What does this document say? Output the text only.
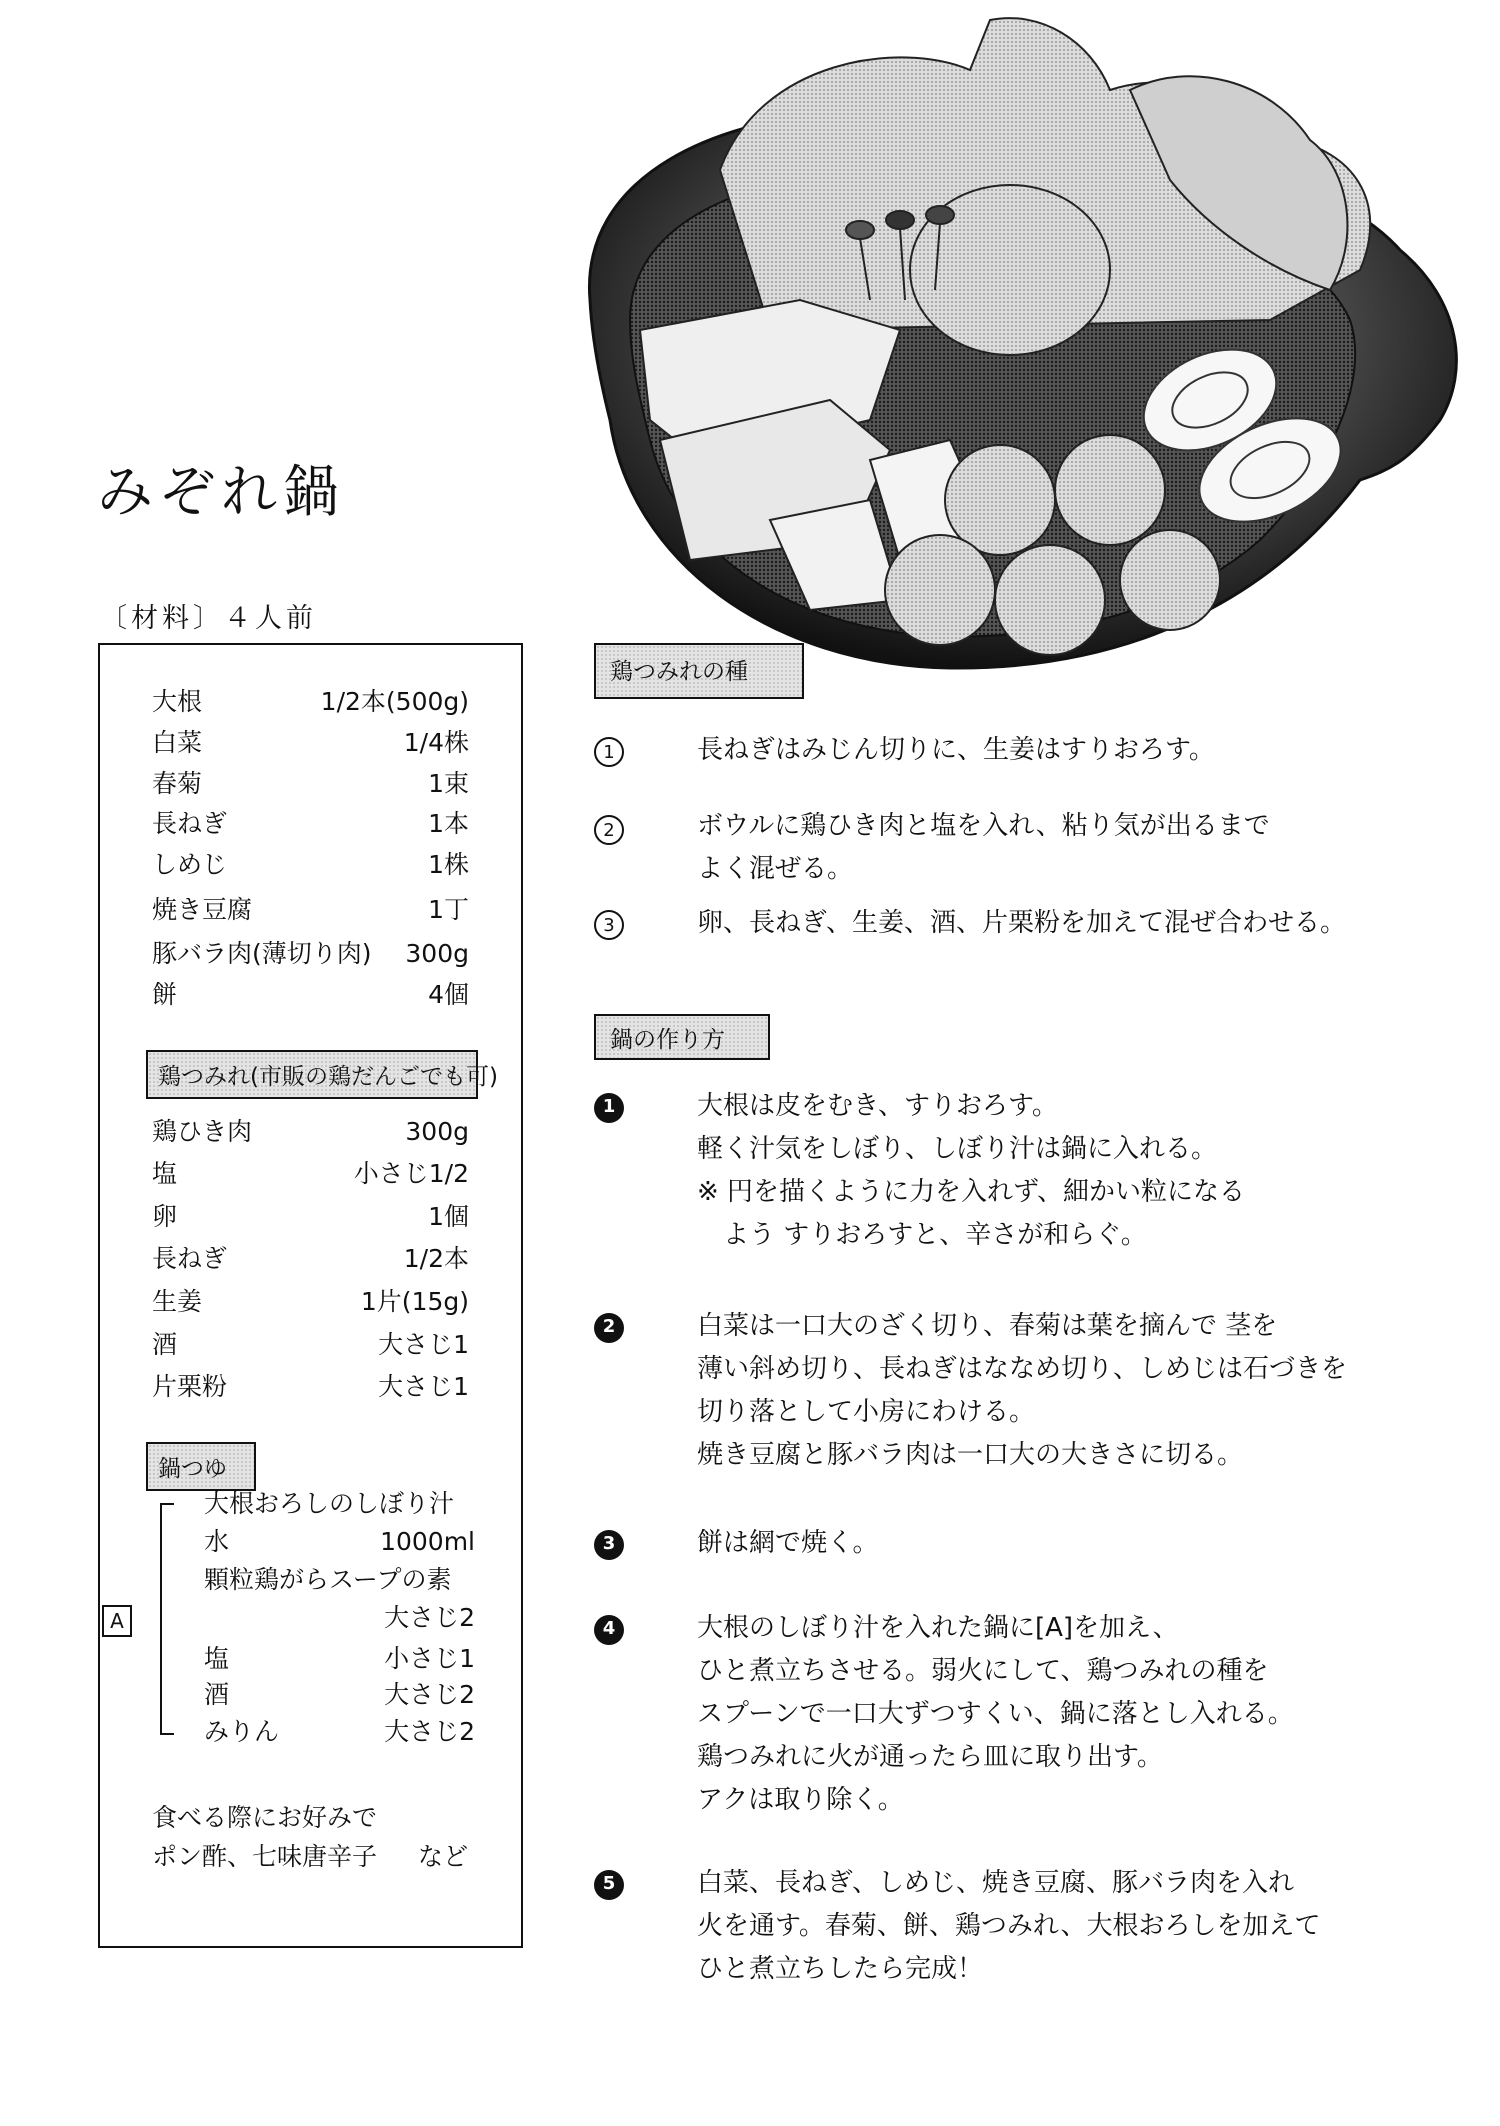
みぞれ鍋
〔材料〕４人前
大根	1/2本(500g)
白菜	1/4株
春菊	1束
長ねぎ	1本
しめじ	1株
焼き豆腐	1丁
豚バラ肉(薄切り肉) 300g
餅	4個
鶏つみれ(市販の鶏だんごでも可)
鶏ひき肉	300g
塩	小さじ1/2
卵	1個
長ねぎ	1/2本
生姜	1片(15g)
酒	大さじ1
片栗粉	大さじ1
鍋つゆ
A
大根おろしのしぼり汁
水	1000ml
顆粒鶏がらスープの素
大さじ2
塩	小さじ1
酒	大さじ2
みりん	大さじ2
食べる際にお好みで
ポン酢、七味唐辛子 など
鶏つみれの種
1	長ねぎはみじん切りに、生姜はすりおろす。
2	ボウルに鶏ひき肉と塩を入れ、粘り気が出るまで
よく混ぜる。
3	卵、長ねぎ、生姜、酒、片栗粉を加えて混ぜ合わせる。
鍋の作り方
1	大根は皮をむき、すりおろす。
軽く汁気をしぼり、しぼり汁は鍋に入れる。
※ 円を描くように力を入れず、細かい粒になる
　よう すりおろすと、辛さが和らぐ。
2	白菜は一口大のざく切り、春菊は葉を摘んで 茎を
薄い斜め切り、長ねぎはななめ切り、しめじは石づきを
切り落として小房にわける。
焼き豆腐と豚バラ肉は一口大の大きさに切る。
3	餅は網で焼く。
4	大根のしぼり汁を入れた鍋に[A]を加え、
ひと煮立ちさせる。弱火にして、鶏つみれの種を
スプーンで一口大ずつすくい、鍋に落とし入れる。
鶏つみれに火が通ったら皿に取り出す。
アクは取り除く。
5	白菜、長ねぎ、しめじ、焼き豆腐、豚バラ肉を入れ
火を通す。春菊、餅、鶏つみれ、大根おろしを加えて
ひと煮立ちしたら完成！
